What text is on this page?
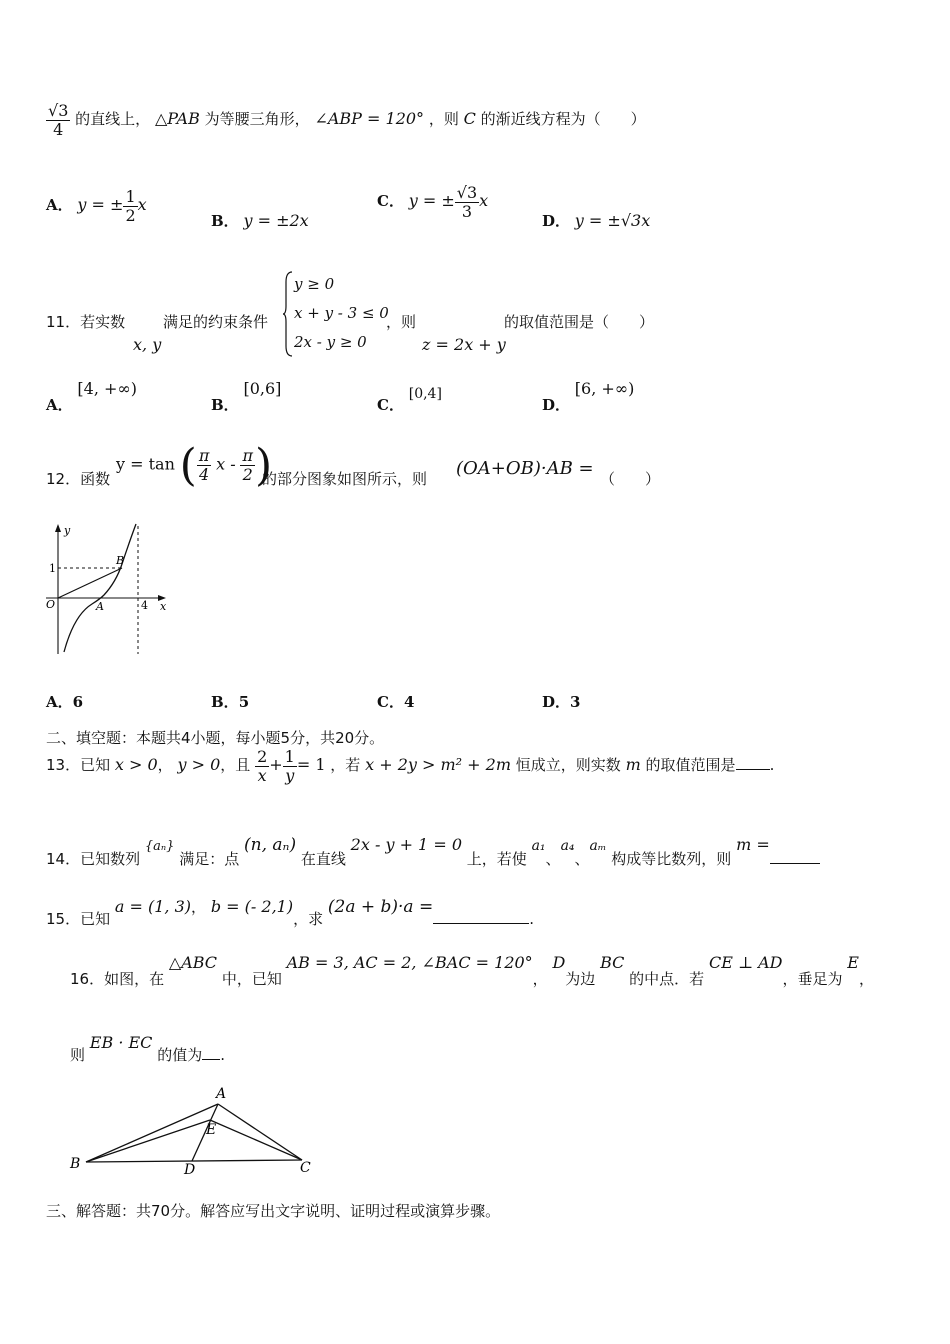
$\frac{√3}{4}$ 的直线上， △PAB 为等腰三角形， ∠ABP = 120° ，则 C 的渐近线方程为（　　）
A． y = ± $\frac{1}{2}$ x
B． y = ±2x
C． y = ± $\frac{√3}{3}$ x
D． y = ±√3x
11．若实数
x, y
满足的约束条件
y ≥ 0
x + y - 3 ≤ 0
2x - y ≥ 0
，则
z = 2x + y
的取值范围是（　　）
A． [4, +∞)
B． [0,6]
C． [0,4]
D． [6, +∞)
12．函数
y = tan ( $\frac{\pi}{4}$ x - $\frac{\pi}{2}$ )
的部分图象如图所示，则 (OA+OB)·AB = （　　）
y
x
1
O	A
B
4
A．6	B．5	C．4	D．3
二、填空题：本题共4小题，每小题5分，共20分。
13．已知 x > 0， y > 0，且 $\frac{2}{x} + \frac{1}{y} = 1$ ，若 x + 2y > m² + 2m 恒成立，则实数 m 的取值范围是 .
14．已知数列 {aₙ} 满足：点 (n, aₙ) 在直线 2x - y + 1 = 0 上，若使 a₁、a₄、aₘ 构成等比数列，则 m =
15．已知 a = (1, 3)， b = (- 2,1)，求 (2a + b)·a =.
16．如图，在 △ABC 中，已知 AB = 3, AC = 2, ∠BAC = 120°， D为边 BC 的中点．若 CE ⊥ AD，垂足为 E，
则 EB · EC 的值为 .
A
B	C
D
E
三、解答题：共70分。解答应写出文字说明、证明过程或演算步骤。
